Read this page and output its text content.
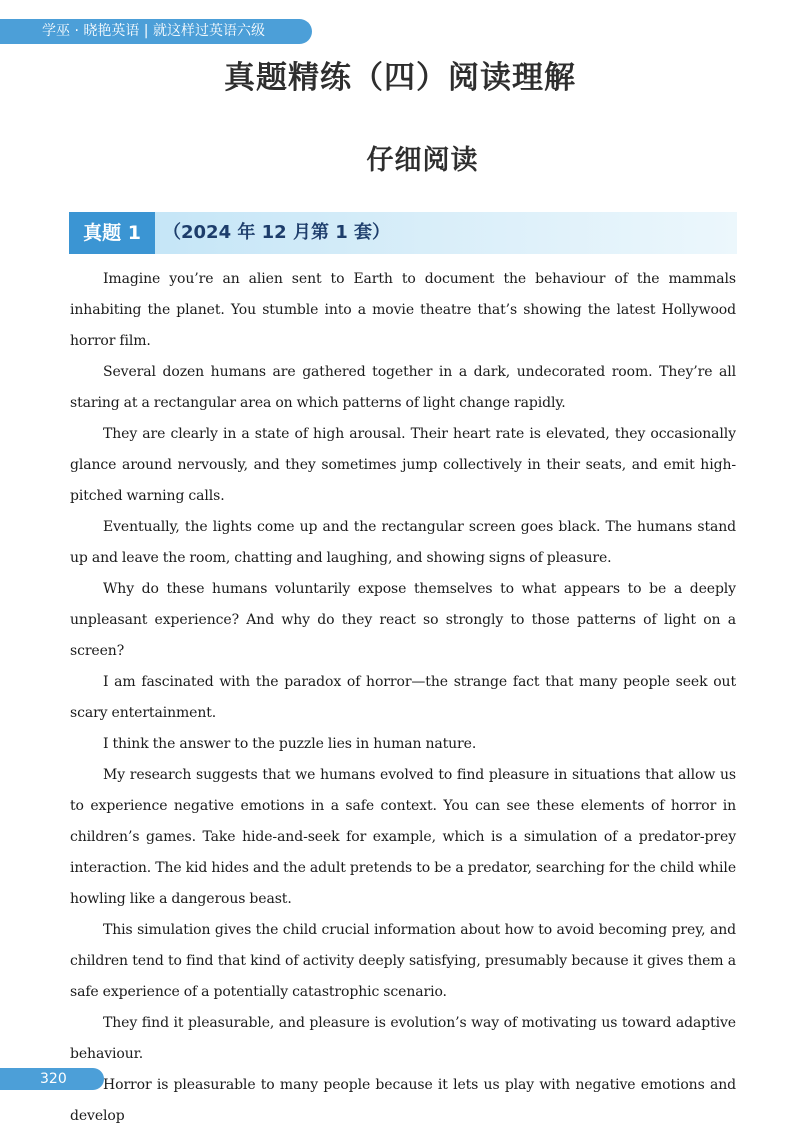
学巫 · 晓艳英语 | 就这样过英语六级
真题精练（四）阅读理解
仔细阅读
真题 1	（2024 年 12 月第 1 套）

Imagine you’re an alien sent to Earth to document the behaviour of the mammals inhabiting the planet. You stumble into a movie theatre that’s showing the latest Hollywood horror film.

Several dozen humans are gathered together in a dark, undecorated room. They’re all staring at a rectangular area on which patterns of light change rapidly.

They are clearly in a state of high arousal. Their heart rate is elevated, they occasionally glance around nervously, and they sometimes jump collectively in their seats, and emit high-pitched warning calls.

Eventually, the lights come up and the rectangular screen goes black. The humans stand up and leave the room, chatting and laughing, and showing signs of pleasure.

Why do these humans voluntarily expose themselves to what appears to be a deeply unpleasant experience? And why do they react so strongly to those patterns of light on a screen?

I am fascinated with the paradox of horror—the strange fact that many people seek out scary entertainment.

I think the answer to the puzzle lies in human nature.

My research suggests that we humans evolved to find pleasure in situations that allow us to experience negative emotions in a safe context. You can see these elements of horror in children’s games. Take hide-and-seek for example, which is a simulation of a predator-prey interaction. The kid hides and the adult pretends to be a predator, searching for the child while howling like a dangerous beast.

This simulation gives the child crucial information about how to avoid becoming prey, and children tend to find that kind of activity deeply satisfying, presumably because it gives them a safe experience of a potentially catastrophic scenario.

They find it pleasurable, and pleasure is evolution’s way of motivating us toward adaptive behaviour.

Horror is pleasurable to many people because it lets us play with negative emotions and develop

320
